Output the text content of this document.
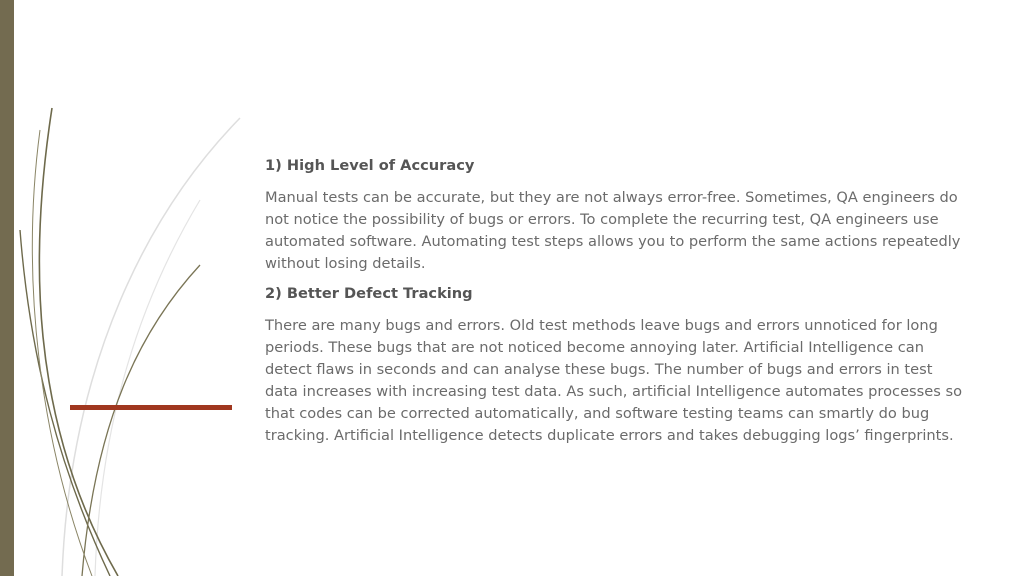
1) High Level of Accuracy

Manual tests can be accurate, but they are not always error-free. Sometimes, QA engineers do not notice the possibility of bugs or errors. To complete the recurring test, QA engineers use automated software. Automating test steps allows you to perform the same actions repeatedly without losing details.

2) Better Defect Tracking

There are many bugs and errors. Old test methods leave bugs and errors unnoticed for long periods. These bugs that are not noticed become annoying later. Artificial Intelligence can detect flaws in seconds and can analyse these bugs. The number of bugs and errors in test data increases with increasing test data. As such, artificial Intelligence automates processes so that codes can be corrected automatically, and software testing teams can smartly do bug tracking. Artificial Intelligence detects duplicate errors and takes debugging logs’ fingerprints.
